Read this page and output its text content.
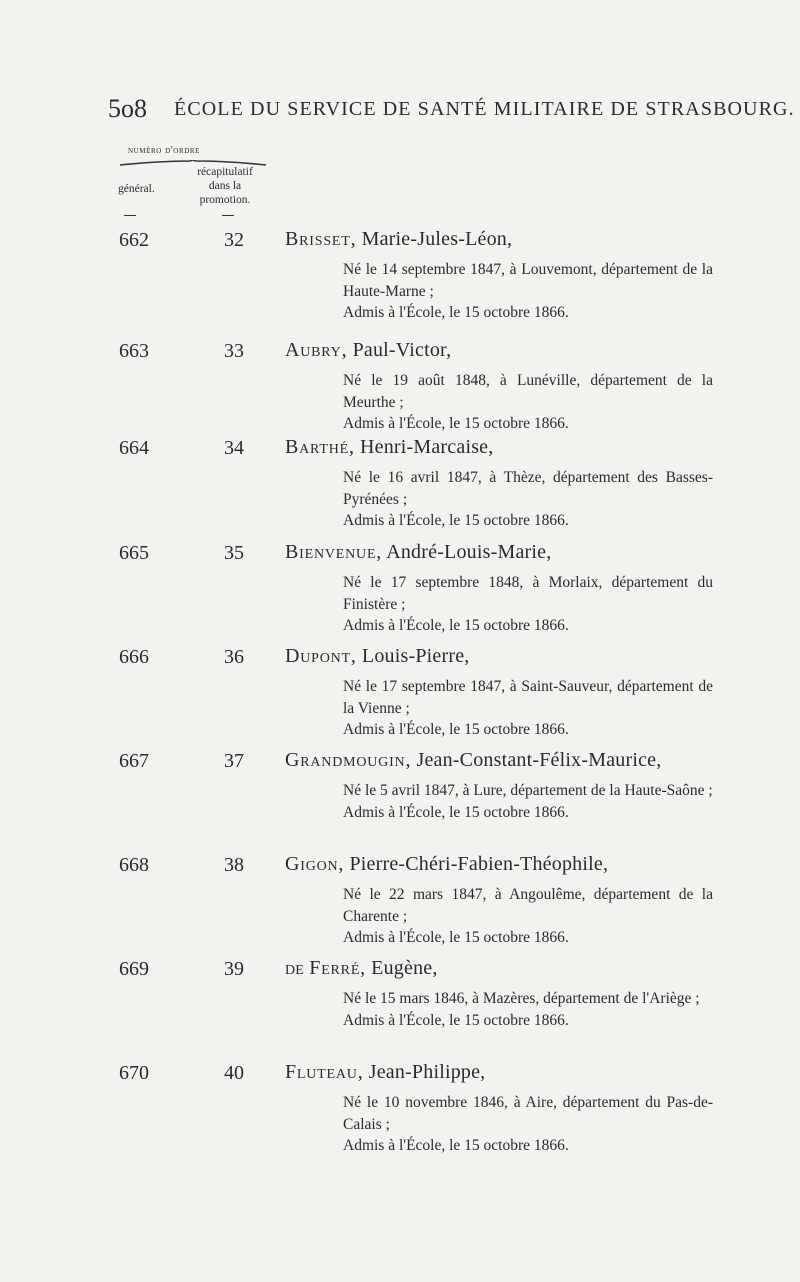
5o8 ÉCOLE DU SERVICE DE SANTÉ MILITAIRE DE STRASBOURG.
numéro d'ordre
général.
récapitulatif
dans la
promotion.
662	32 Brisset, Marie-Jules-Léon,
Né le 14 septembre 1847, à Louvemont, département de la Haute-Marne ;
Admis à l'École, le 15 octobre 1866.
663	33 Aubry, Paul-Victor,
Né le 19 août 1848, à Lunéville, département de la Meurthe ;
Admis à l'École, le 15 octobre 1866.
664	34 Barthé, Henri-Marcaise,
Né le 16 avril 1847, à Thèze, département des Basses-Pyrénées ;
Admis à l'École, le 15 octobre 1866.
665	35 Bienvenue, André-Louis-Marie,
Né le 17 septembre 1848, à Morlaix, département du Finistère ;
Admis à l'École, le 15 octobre 1866.
666	36 Dupont, Louis-Pierre,
Né le 17 septembre 1847, à Saint-Sauveur, département de la Vienne ;
Admis à l'École, le 15 octobre 1866.
667	37 Grandmougin, Jean-Constant-Félix-Maurice,
Né le 5 avril 1847, à Lure, département de la Haute-Saône ;
Admis à l'École, le 15 octobre 1866.
668	38 Gigon, Pierre-Chéri-Fabien-Théophile,
Né le 22 mars 1847, à Angoulême, département de la Charente ;
Admis à l'École, le 15 octobre 1866.
669	39 de Ferré, Eugène,
Né le 15 mars 1846, à Mazères, département de l'Ariège ;
Admis à l'École, le 15 octobre 1866.
670	40 Fluteau, Jean-Philippe,
Né le 10 novembre 1846, à Aire, département du Pas-de-Calais ;
Admis à l'École, le 15 octobre 1866.
